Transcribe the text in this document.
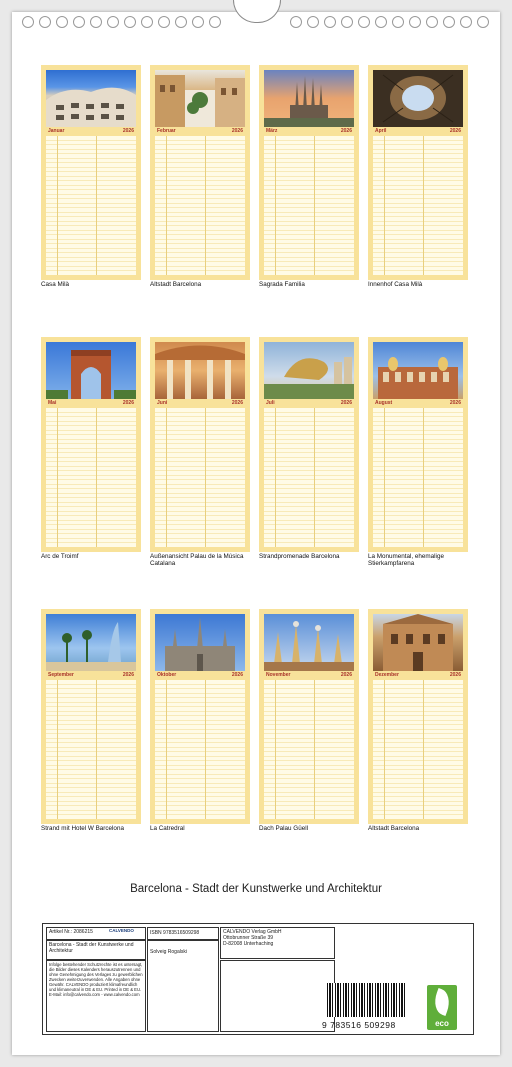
Januar	2026
Casa Milà
Februar	2026
Altstadt Barcelona
März	2026
Sagrada Familia
April	2026
Innenhof Casa Milà
Mai	2026
Arc de Troimf
Juni	2026
Außenansicht Palau de la Música Catalana
Juli	2026
Strandpromenade Barcelona
August	2026
La Monumental, ehemalige Stierkampfarena
September	2026
Strand mit Hotel W Barcelona
Oktober	2026
La Catredral
November	2026
Dach Palau Güell
Dezember	2026
Altstadt Barcelona
Barcelona - Stadt der Kunstwerke und Architektur
Artikel Nr.: 2086215	CALVENDO
Barcelona - Stadt der Kunstwerke und Architektur
Infolge bestehender Schutzrechte ist es untersagt, die Bilder dieses Kalenders herauszutrennen und ohne Genehmigung des Verlages zu gewerblichen Zwecken weiterzuverwenden. Alle Angaben ohne Gewähr. CALVENDO produziert klimafreundlich und klimaneutral in DE & EU. Printed in DE & EU. E-Mail: info@calvendo.com - www.calvendo.com
ISBN 9783516509298
Solveig Rogalski
CALVENDO Verlag GmbH
Ottobrunner Straße 39
D-82008 Unterhaching
9 783516 509298	eco
